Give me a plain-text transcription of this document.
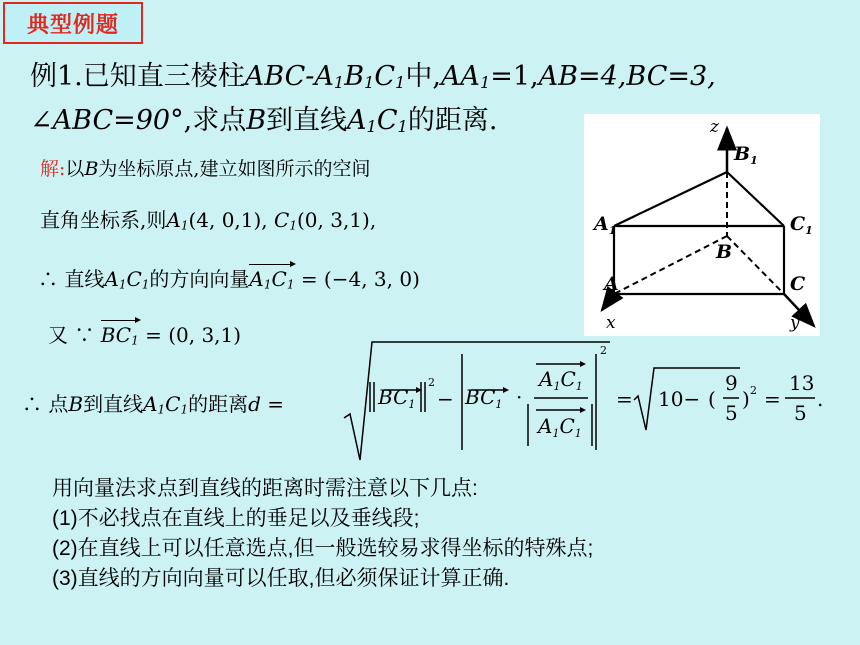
典型例题
例1.已知直三棱柱ABC-$A_1B_1C_1$中$,AA_1=1,AB=4,BC=3$,
∠ABC=90°,求点B到直线$A_1C_1$的距离.	z
x	y
$B_1$
$A_1$	$C_1$
B
A	C
解:以B为坐标原点,建立如图所示的空间
直角坐标系,则$A_1(4$, 0,1), $C_1(0$, 3,1),
∴ 直线$A_1C_1$的方向向量$A_1C_1 = (-4$, 3, 0)
又 ∵ $BC_1 = (0$, 3,1)
∴ 点B到直线$A_1C_1$的距离d =	$BC_1$
2
− $BC_1$ ·
$A_1C_1$
$A_1C_1$
2
= 10− (
9
5
) 2 =
13
5
.
用向量法求点到直线的距离时需注意以下几点:
(1)不必找点在直线上的垂足以及垂线段;
(2)在直线上可以任意选点,但一般选较易求得坐标的特殊点;
(3)直线的方向向量可以任取,但必须保证计算正确.
